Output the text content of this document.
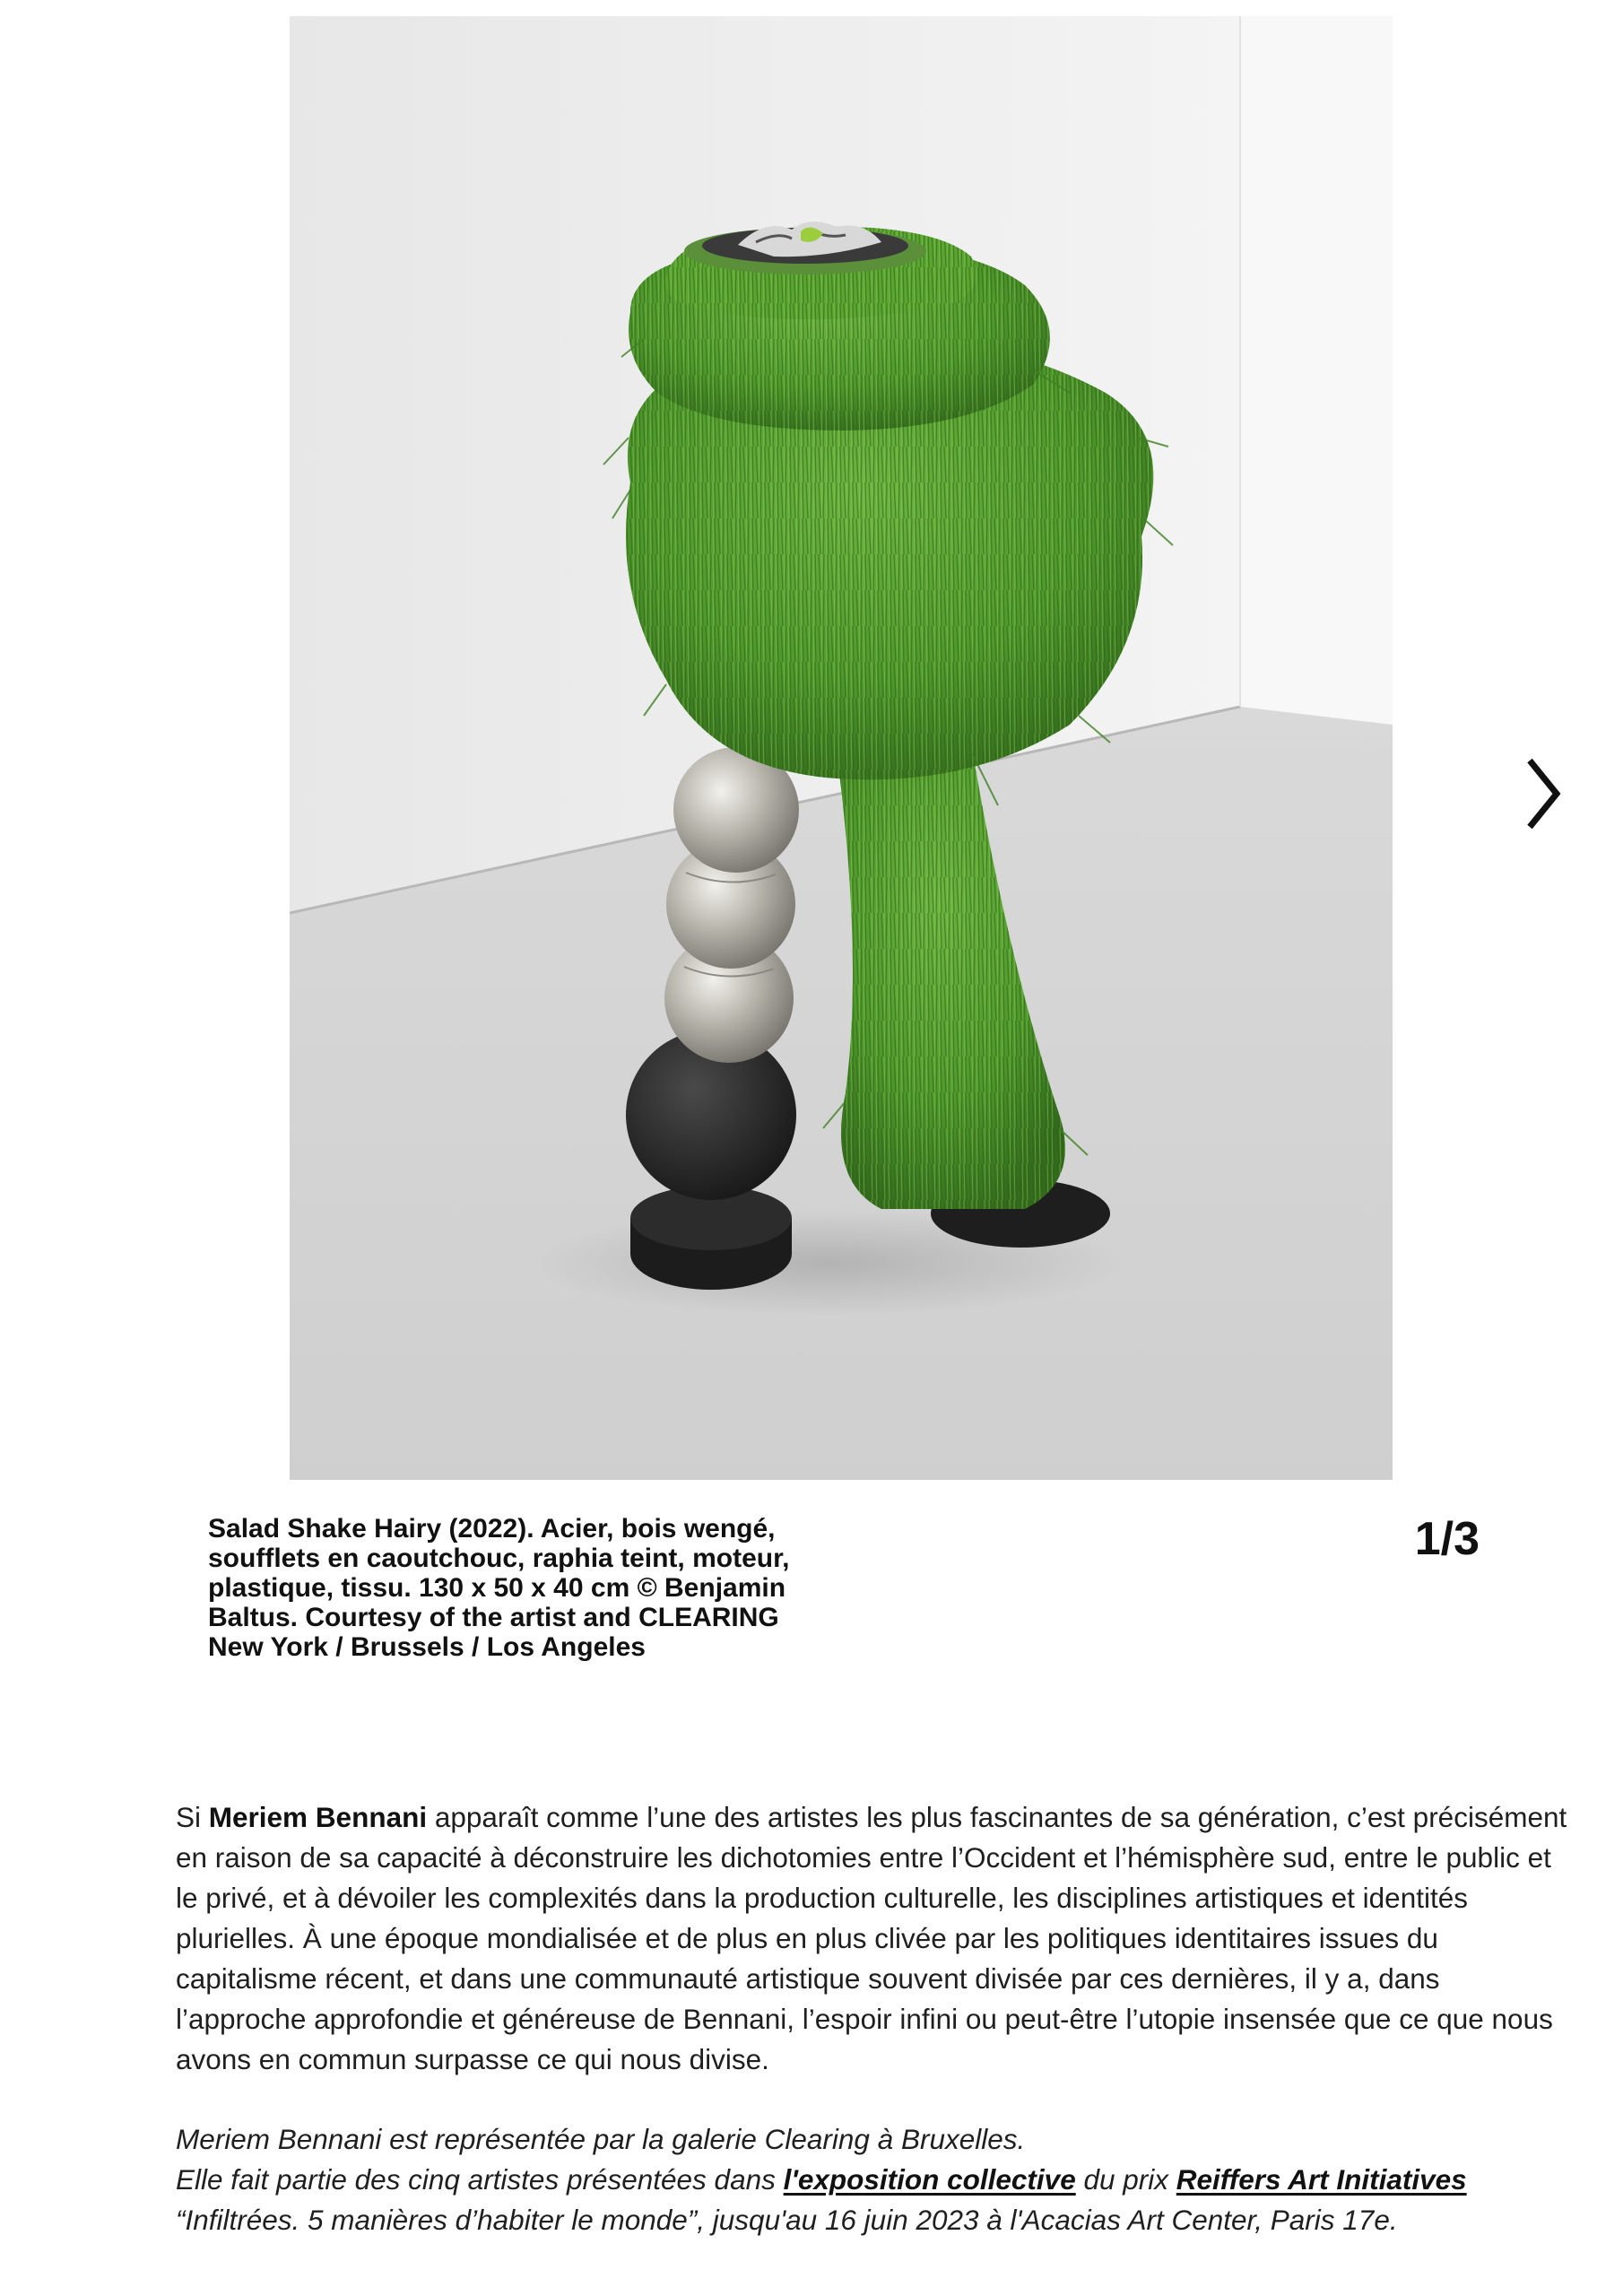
Salad Shake Hairy (2022). Acier, bois wengé, soufflets en caoutchouc, raphia teint, moteur, plastique, tissu. 130 x 50 x 40 cm © Benjamin Baltus. Courtesy of the artist and CLEARING New York / Brussels / Los Angeles
1/3

Si Meriem Bennani apparaît comme l’une des artistes les plus fascinantes de sa génération, c’est précisément en raison de sa capacité à déconstruire les dichotomies entre l’Occident et l’hémisphère sud, entre le public et le privé, et à dévoiler les complexités dans la production culturelle, les disciplines artistiques et identités plurielles. À une époque mondialisée et de plus en plus clivée par les politiques identitaires issues du capitalisme récent, et dans une communauté artistique souvent divisée par ces dernières, il y a, dans l’approche approfondie et généreuse de Bennani, l’espoir infini ou peut-être l’utopie insensée que ce que nous avons en commun surpasse ce qui nous divise.

Meriem Bennani est représentée par la galerie Clearing à Bruxelles.

Elle fait partie des cinq artistes présentées dans l'exposition collective du prix Reiffers Art Initiatives “Infiltrées. 5 manières d’habiter le monde”, jusqu'au 16 juin 2023 à l'Acacias Art Center, Paris 17e.
